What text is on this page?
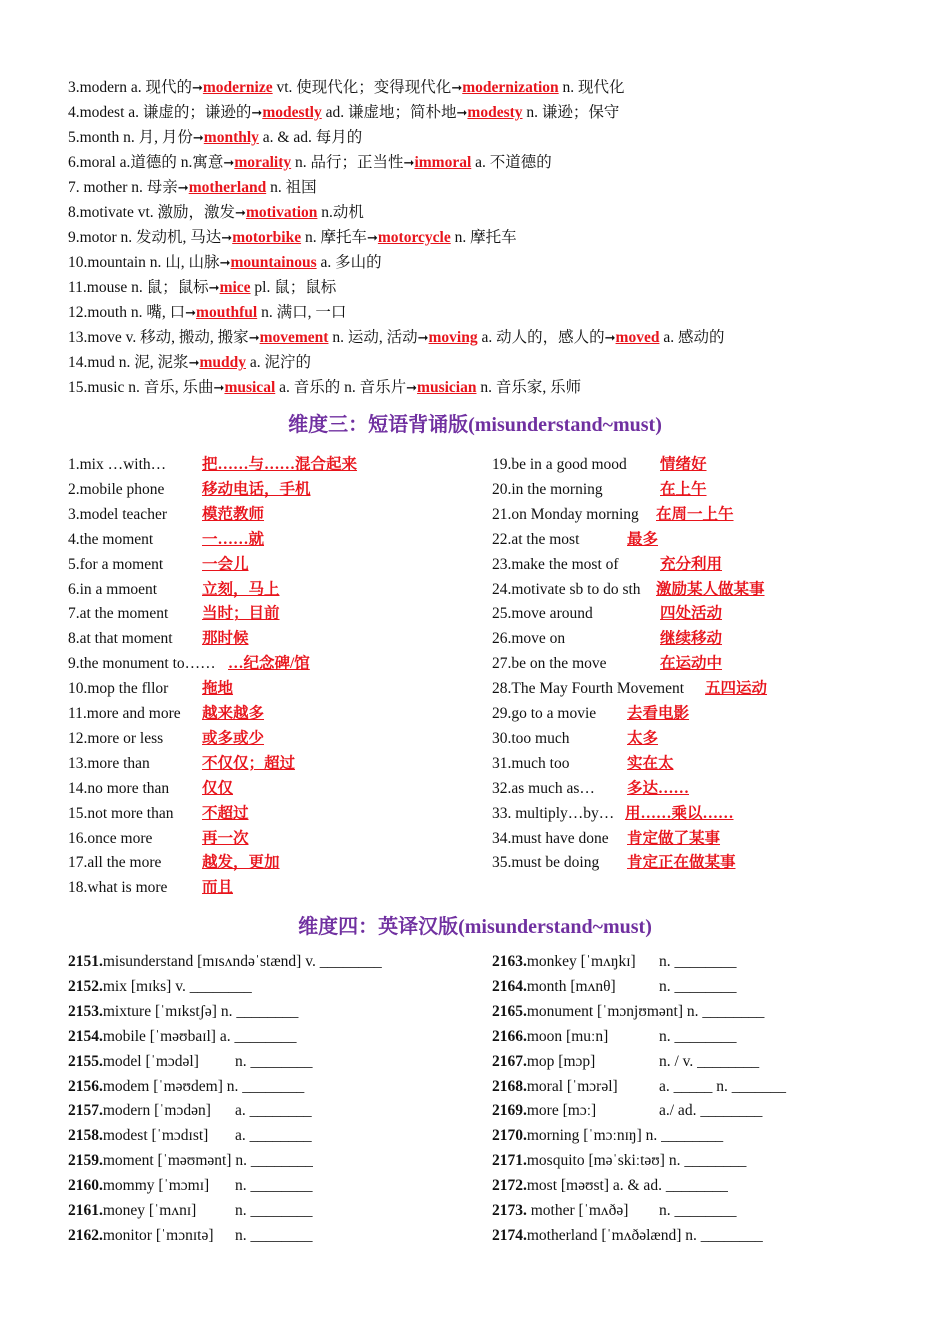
3.modern a. 现代的➞modernize vt. 使现代化；变得现代化➞modernization n. 现代化
4.modest a. 谦虚的；谦逊的➞modestly ad. 谦虚地；简朴地➞modesty n. 谦逊；保守
5.month n. 月, 月份➞monthly a. & ad. 每月的
6.moral a.道德的 n.寓意➞morality n. 品行；正当性➞immoral a. 不道德的
7. mother n. 母亲➞motherland n. 祖国
8.motivate vt. 激励，激发➞motivation n.动机
9.motor n. 发动机, 马达➞motorbike n. 摩托车➞motorcycle n. 摩托车
10.mountain n. 山, 山脉➞mountainous a. 多山的
11.mouse n. 鼠；鼠标➞mice pl. 鼠；鼠标
12.mouth n. 嘴, 口➞mouthful n. 满口, 一口
13.move v. 移动, 搬动, 搬家➞movement n. 运动, 活动➞moving a. 动人的，感人的➞moved a. 感动的
14.mud n. 泥, 泥浆➞muddy a. 泥泞的
15.music n. 音乐, 乐曲➞musical a. 音乐的 n. 音乐片➞musician n. 音乐家, 乐师
维度三：短语背诵版(misunderstand~must)
1.mix …with… 把……与……混合起来
2.mobile phone 移动电话，手机
3.model teacher 模范教师
4.the moment	一……就
5.for a moment	一会儿
6.in a mmoent	立刻，马上
7.at the moment 当时；目前
8.at that moment 那时候
9.the monument to…… …纪念碑/馆
10.mop the fllor 拖地
11.more and more 越来越多
12.more or less	或多或少
13.more than	不仅仅；超过
14.no more than 仅仅
15.not more than 不超过
16.once more	再一次
17.all the more	越发，更加
18.what is more 而且
19.be in a good mood 情绪好
20.in the morning	在上午
21.on Monday morning 在周一上午
22.at the most	最多
23.make the most of	充分利用
24.motivate sb to do sth 激励某人做某事
25.move around	四处活动
26.move on	继续移动
27.be on the move	在运动中
28.The May Fourth Movement 五四运动
29.go to a movie 去看电影
30.too much	太多
31.much too	实在太
32.as much as… 多达……
33. multiply…by… 用……乘以……
34.must have done 肯定做了某事
35.must be doing 肯定正在做某事
维度四：英译汉版(misunderstand~must)
2151.misunderstand [mɪsʌndəˈstænd] v. ________
2152.mix [mɪks] v. ________
2153.mixture [ˈmɪkstʃə] n. ________
2154.mobile [ˈməʊbaɪl] a. ________
2155.model [ˈmɔdəl] n. ________
2156.modem [ˈməʊdem] n. ________
2157.modern [ˈmɔdən] a. ________
2158.modest [ˈmɔdɪst] a. ________
2159.moment [ˈməʊmənt] n. ________
2160.mommy [ˈmɔmɪ] n. ________
2161.money [ˈmʌnɪ] n. ________
2162.monitor [ˈmɔnɪtə] n. ________
2163.monkey [ˈmʌŋkɪ] n. ________
2164.month [mʌnθ]	n. ________
2165.monument [ˈmɔnjʊmənt] n. ________
2166.moon [muːn]	n. ________
2167.mop [mɔp]	n. / v. ________
2168.moral [ˈmɔrəl]	a. _____ n. _______
2169.more [mɔː]	a./ ad. ________
2170.morning [ˈmɔːnɪŋ] n. ________
2171.mosquito [məˈskiːtəʊ] n. ________
2172.most [məʊst] a. & ad. ________
2173. mother [ˈmʌðə] n. ________
2174.motherland [ˈmʌðəlænd] n. ________
